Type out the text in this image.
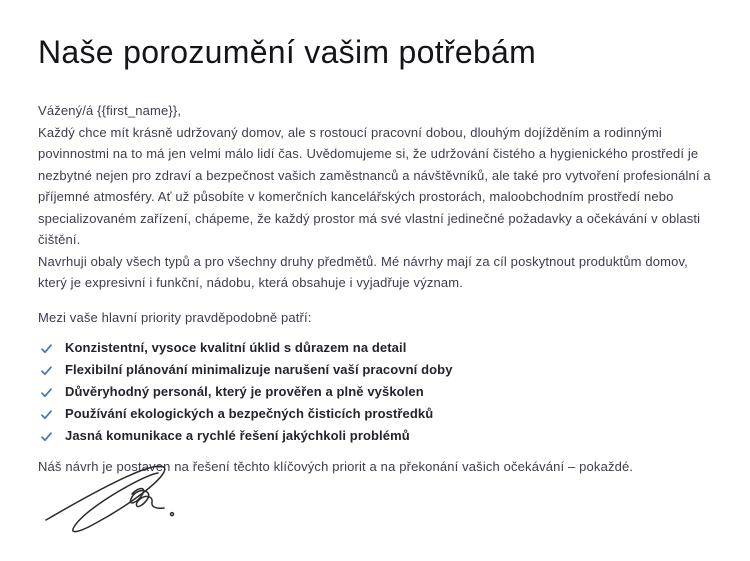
Naše porozumění vašim potřebám

Vážený/á {{first_name}},

Každý chce mít krásně udržovaný domov, ale s rostoucí pracovní dobou, dlouhým dojížděním a rodinnými povinnostmi na to má jen velmi málo lidí čas. Uvědomujeme si, že udržování čistého a hygienického prostředí je nezbytné nejen pro zdraví a bezpečnost vašich zaměstnanců a návštěvníků, ale také pro vytvoření profesionální a příjemné atmosféry. Ať už působíte v komerčních kancelářských prostorách, maloobchodním prostředí nebo specializovaném zařízení, chápeme, že každý prostor má své vlastní jedinečné požadavky a očekávání v oblasti čištění.

Navrhuji obaly všech typů a pro všechny druhy předmětů. Mé návrhy mají za cíl poskytnout produktům domov, který je expresivní i funkční, nádobu, která obsahuje i vyjadřuje význam.

Mezi vaše hlavní priority pravděpodobně patří:

Konzistentní, vysoce kvalitní úklid s důrazem na detail
Flexibilní plánování minimalizuje narušení vaší pracovní doby
Důvěryhodný personál, který je prověřen a plně vyškolen
Používání ekologických a bezpečných čisticích prostředků
Jasná komunikace a rychlé řešení jakýchkoli problémů

Náš návrh je postaven na řešení těchto klíčových priorit a na překonání vašich očekávání – pokaždé.
